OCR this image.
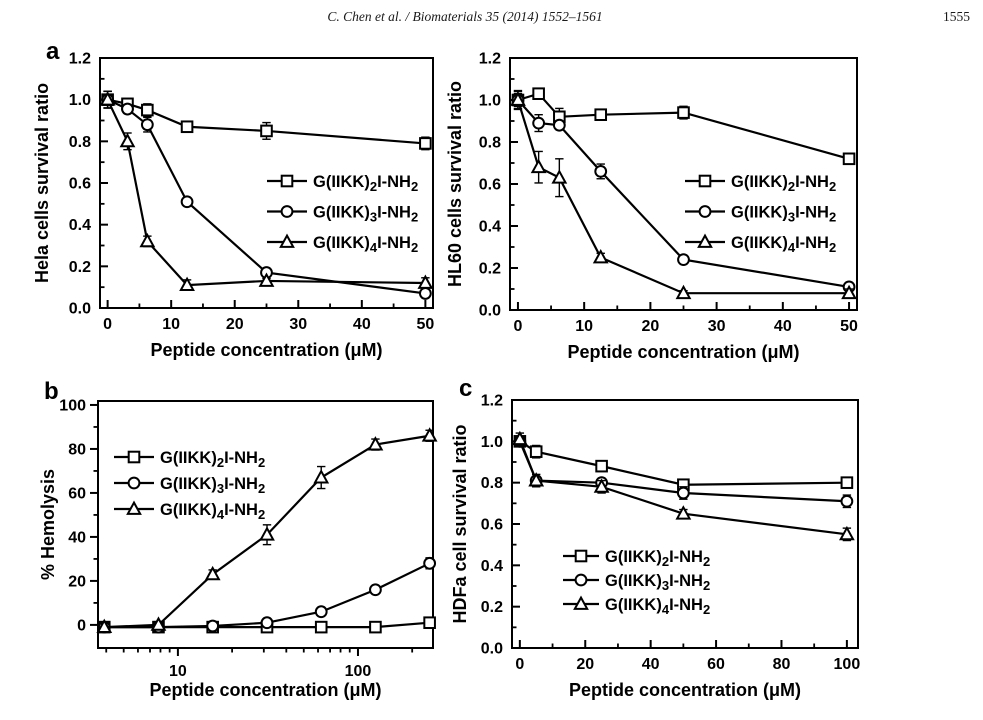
C. Chen et al. / Biomaterials 35 (2014) 1552–1561	1555
a
b	c
0	10	20	30	40	50
0.0
0.2
0.4
0.6
0.8
1.0
1.2
Peptide concentration (μM)
Hela cells survival ratio	$G(IIKK)_2I-NH_2$
$G(IIKK)_3I-NH_2$
$G(IIKK)_4I-NH_2$
0	10	20	30	40	50
0.0
0.2
0.4
0.6
0.8
1.0
1.2
Peptide concentration (μM)
HL60 cells survival ratio	$G(IIKK)_2I-NH_2$
$G(IIKK)_3I-NH_2$
$G(IIKK)_4I-NH_2$
10	100
0
20
40
60
80
100
Peptide concentration (μM)
% Hemolysis
$G(IIKK)_2I-NH_2$
$G(IIKK)_3I-NH_2$
$G(IIKK)_4I-NH_2$
0	20	40	60	80	100
0.0
0.2
0.4
0.6
0.8
1.0
1.2
Peptide concentration (μM)
HDFa cell survival ratio	$G(IIKK)_2I-NH_2$
$G(IIKK)_3I-NH_2$
$G(IIKK)_4I-NH_2$
